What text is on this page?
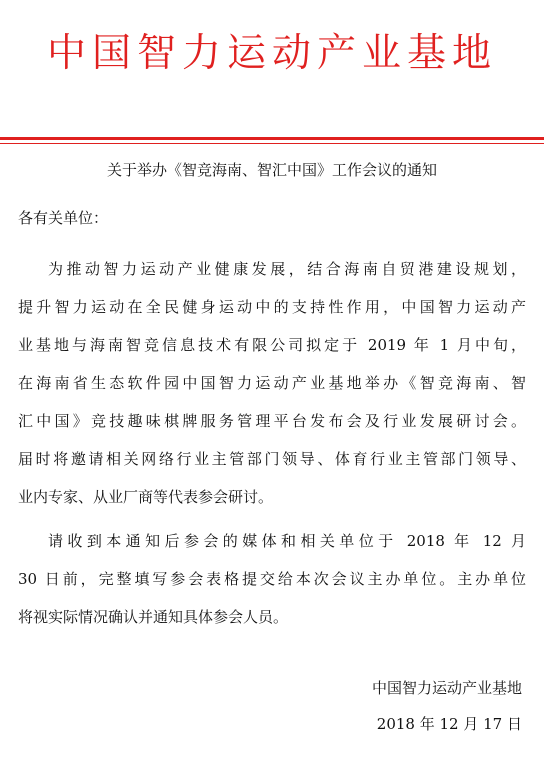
中国智力运动产业基地
关于举办《智竞海南、智汇中国》工作会议的通知
各有关单位：
为推动智力运动产业健康发展，结合海南自贸港建设规划，
提升智力运动在全民健身运动中的支持性作用，中国智力运动产
业基地与海南智竞信息技术有限公司拟定于 2019 年 1 月中旬，
在海南省生态软件园中国智力运动产业基地举办《智竞海南、智
汇中国》竞技趣味棋牌服务管理平台发布会及行业发展研讨会。
届时将邀请相关网络行业主管部门领导、体育行业主管部门领导、
业内专家、从业厂商等代表参会研讨。
请收到本通知后参会的媒体和相关单位于 2018 年 12 月
30 日前，完整填写参会表格提交给本次会议主办单位。主办单位
将视实际情况确认并通知具体参会人员。
中国智力运动产业基地
2018 年 12 月 17 日
